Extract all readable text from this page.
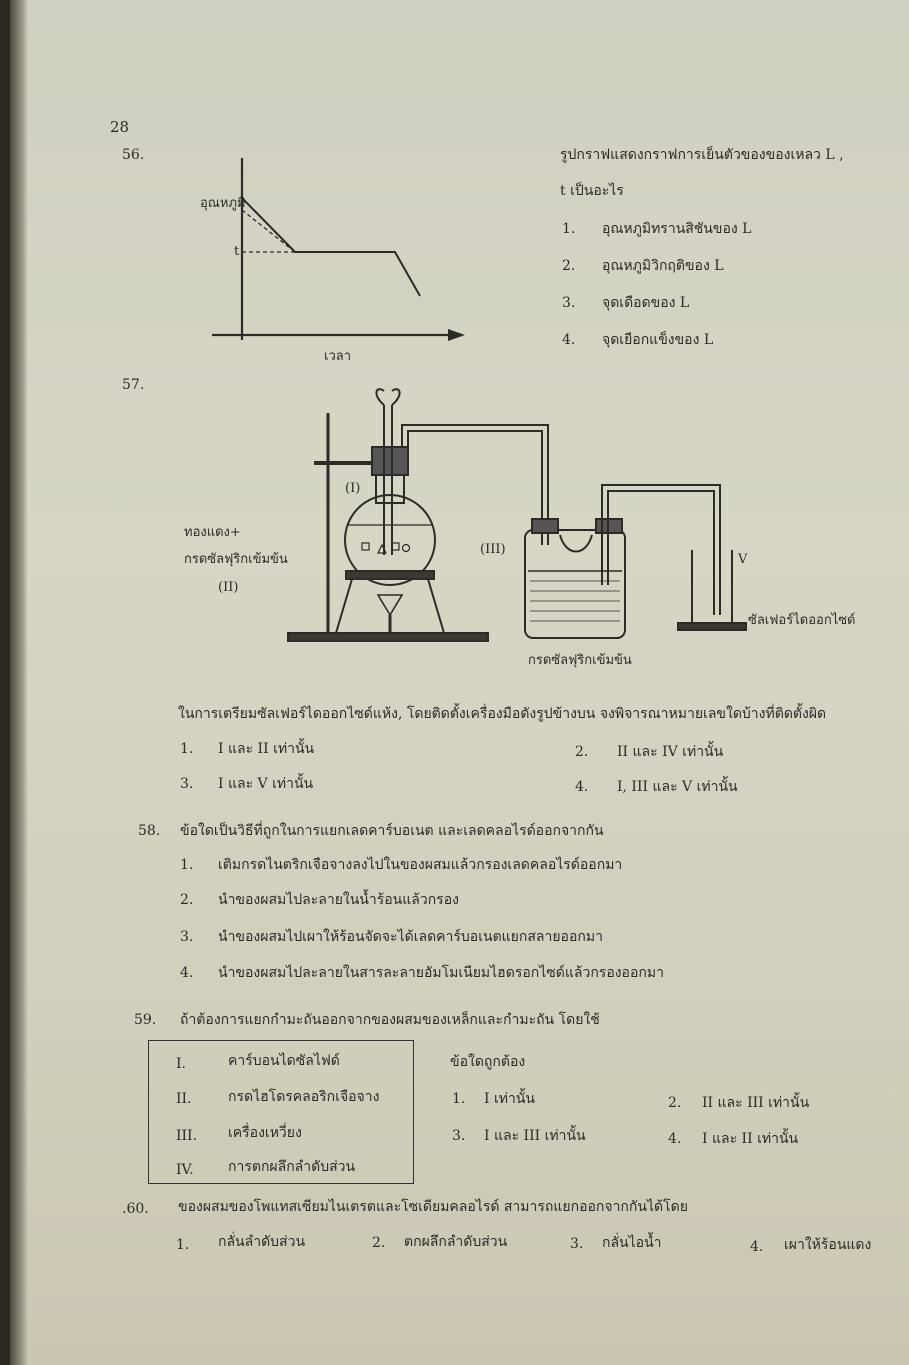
28
56.
อุณหภูมิ
t
เวลา
รูปกราฟแสดงกราฟการเย็นตัวของของเหลว L ,
t เป็นอะไร
1. อุณหภูมิทรานสิชันของ L
2. อุณหภูมิวิกฤติของ L
3. จุดเดือดของ L
4. จุดเยือกแข็งของ L
57.
(I)
ทองแดง+
กรดซัลฟุริกเข้มข้น
(II)
(III)
V
ซัลเฟอร์ไดออกไซด์
กรดซัลฟุริกเข้มข้น
ในการเตรียมซัลเฟอร์ไดออกไซด์แห้ง, โดยติดตั้งเครื่องมือดังรูปข้างบน จงพิจารณาหมายเลขใดบ้างที่ติดตั้งผิด
1. I และ II เท่านั้น	2. II และ IV เท่านั้น
3. I และ V เท่านั้น	4. I, III และ V เท่านั้น
58. ข้อใดเป็นวิธีที่ถูกในการแยกเลดคาร์บอเนต และเลดคลอไรด์ออกจากกัน
1. เติมกรดไนตริกเจือจางลงไปในของผสมแล้วกรองเลดคลอไรด์ออกมา
2. นำของผสมไปละลายในน้ำร้อนแล้วกรอง
3. นำของผสมไปเผาให้ร้อนจัดจะได้เลดคาร์บอเนตแยกสลายออกมา
4. นำของผสมไปละลายในสารละลายอัมโมเนียมไฮดรอกไซด์แล้วกรองออกมา
59. ถ้าต้องการแยกกำมะถันออกจากของผสมของเหล็กและกำมะถัน โดยใช้
I.	คาร์บอนไดซัลไฟด์
II.	กรดไฮโดรคลอริกเจือจาง
III. เครื่องเหวี่ยง
IV. การตกผลึกลำดับส่วน
ข้อใดถูกต้อง
1. I เท่านั้น	2. II และ III เท่านั้น
3. I และ III เท่านั้น	4. I และ II เท่านั้น
.60. ของผสมของโพแทสเซียมไนเตรตและโซเดียมคลอไรด์ สามารถแยกออกจากกันได้โดย
1. กลั่นลำดับส่วน	2. ตกผลึกลำดับส่วน	3. กลั่นไอน้ำ	4. เผาให้ร้อนแดง
